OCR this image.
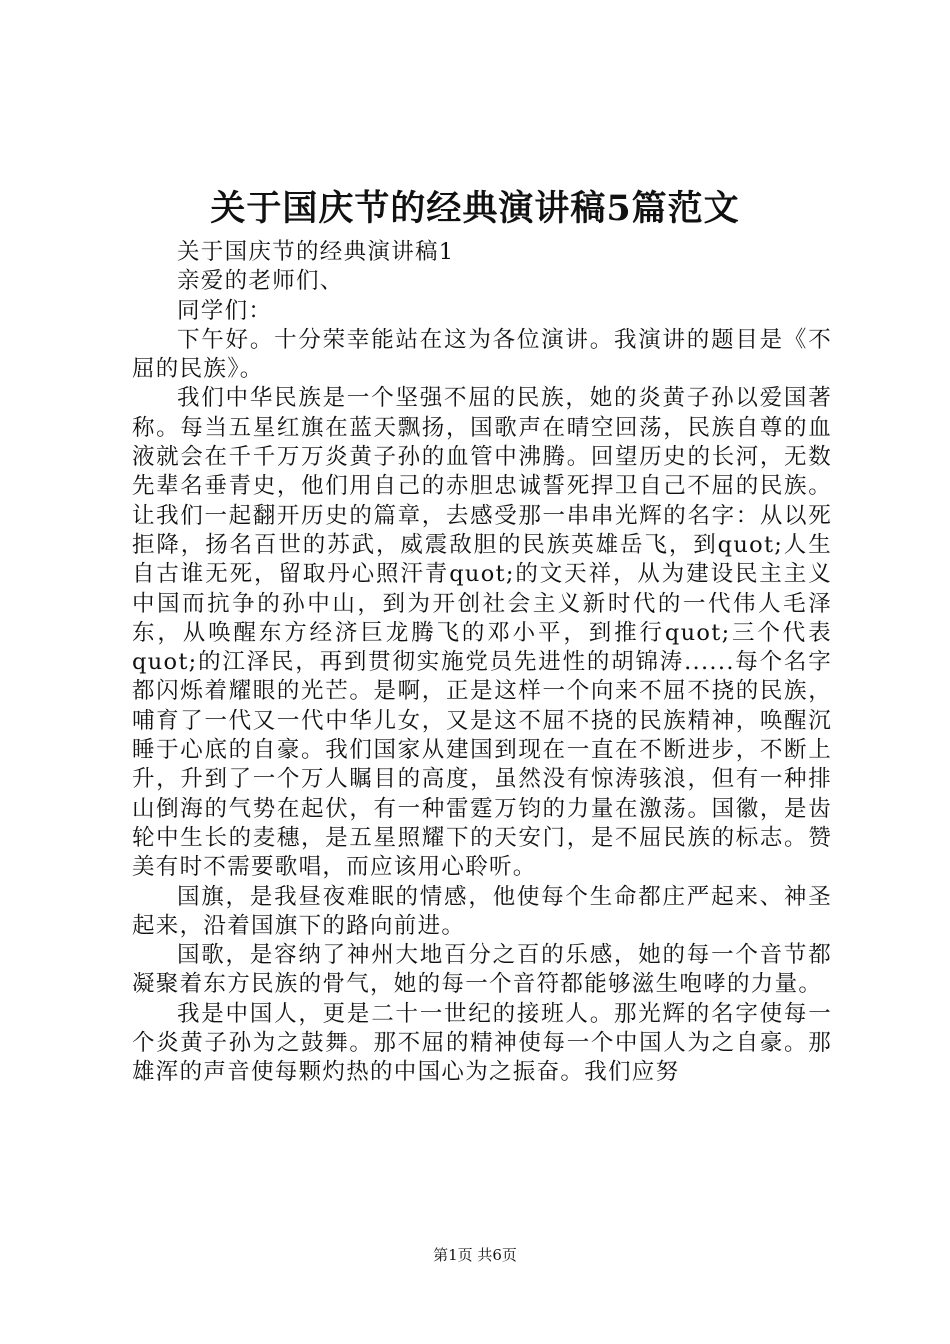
关于国庆节的经典演讲稿5篇范文

关于国庆节的经典演讲稿1

亲爱的老师们、

同学们：

下午好。十分荣幸能站在这为各位演讲。我演讲的题目是《不屈的民族》。

我们中华民族是一个坚强不屈的民族，她的炎黄子孙以爱国著称。每当五星红旗在蓝天飘扬，国歌声在晴空回荡，民族自尊的血液就会在千千万万炎黄子孙的血管中沸腾。回望历史的长河，无数先辈名垂青史，他们用自己的赤胆忠诚誓死捍卫自己不屈的民族。让我们一起翻开历史的篇章，去感受那一串串光辉的名字：从以死拒降，扬名百世的苏武，威震敌胆的民族英雄岳飞，到quot;人生自古谁无死，留取丹心照汗青quot;的文天祥，从为建设民主主义中国而抗争的孙中山，到为开创社会主义新时代的一代伟人毛泽东，从唤醒东方经济巨龙腾飞的邓小平，到推行quot;三个代表quot;的江泽民，再到贯彻实施党员先进性的胡锦涛......每个名字都闪烁着耀眼的光芒。是啊，正是这样一个向来不屈不挠的民族，哺育了一代又一代中华儿女，又是这不屈不挠的民族精神，唤醒沉睡于心底的自豪。我们国家从建国到现在一直在不断进步，不断上升，升到了一个万人瞩目的高度，虽然没有惊涛骇浪，但有一种排山倒海的气势在起伏，有一种雷霆万钧的力量在激荡。国徽，是齿轮中生长的麦穗，是五星照耀下的天安门，是不屈民族的标志。赞美有时不需要歌唱，而应该用心聆听。

国旗，是我昼夜难眠的情感，他使每个生命都庄严起来、神圣起来，沿着国旗下的路向前进。

国歌，是容纳了神州大地百分之百的乐感，她的每一个音节都凝聚着东方民族的骨气，她的每一个音符都能够滋生咆哮的力量。

我是中国人，更是二十一世纪的接班人。那光辉的名字使每一个炎黄子孙为之鼓舞。那不屈的精神使每一个中国人为之自豪。那雄浑的声音使每颗灼热的中国心为之振奋。我们应努

第1页 共6页
